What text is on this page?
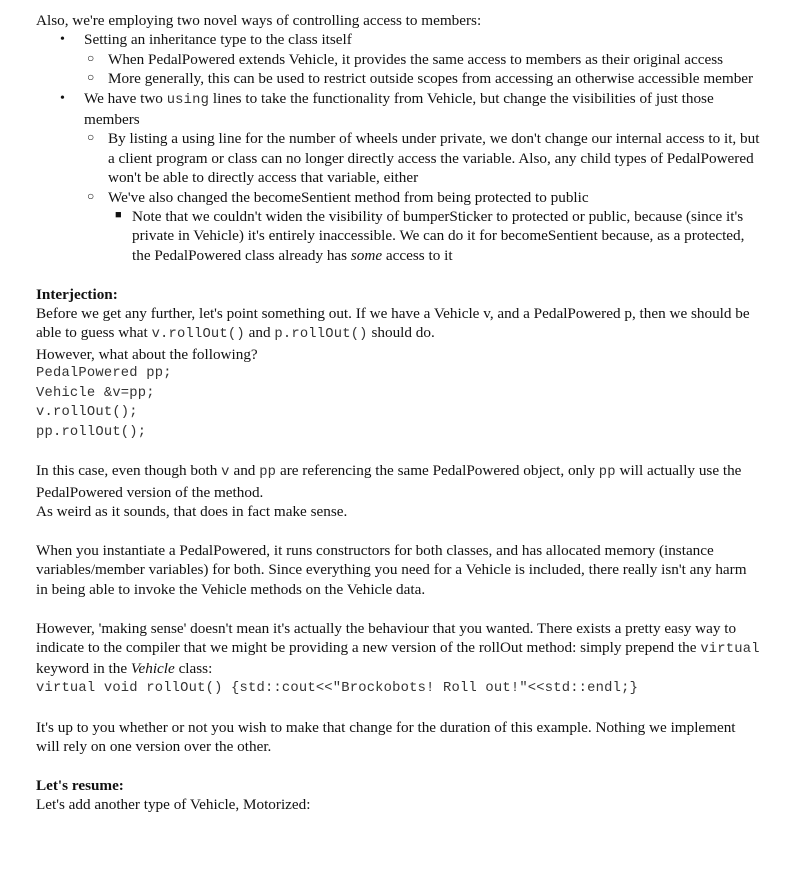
Also, we're employing two novel ways of controlling access to members:

• Setting an inheritance type to the class itself
○ When PedalPowered extends Vehicle, it provides the same access to members as their original access
○ More generally, this can be used to restrict outside scopes from accessing an otherwise accessible member
• We have two using lines to take the functionality from Vehicle, but change the visibilities of just those members
○ By listing a using line for the number of wheels under private, we don't change our internal access to it, but a client program or class can no longer directly access the variable. Also, any child types of PedalPowered won't be able to directly access that variable, either
○ We've also changed the becomeSentient method from being protected to public
■ Note that we couldn't widen the visibility of bumperSticker to protected or public, because (since it's private in Vehicle) it's entirely inaccessible. We can do it for becomeSentient because, as a protected, the PedalPowered class already has some access to it

Interjection:

Before we get any further, let's point something out. If we have a Vehicle v, and a PedalPowered p, then we should be able to guess what v.rollOut() and p.rollOut() should do.

However, what about the following?

PedalPowered pp;
Vehicle &v=pp;
v.rollOut();
pp.rollOut();

In this case, even though both v and pp are referencing the same PedalPowered object, only pp will actually use the PedalPowered version of the method.

As weird as it sounds, that does in fact make sense.

When you instantiate a PedalPowered, it runs constructors for both classes, and has allocated memory (instance variables/member variables) for both. Since everything you need for a Vehicle is included, there really isn't any harm in being able to invoke the Vehicle methods on the Vehicle data.

However, 'making sense' doesn't mean it's actually the behaviour that you wanted. There exists a pretty easy way to indicate to the compiler that we might be providing a new version of the rollOut method: simply prepend the virtual keyword in the Vehicle class:

virtual void rollOut() {std::cout<<"Brockobots! Roll out!"<<std::endl;}

It's up to you whether or not you wish to make that change for the duration of this example. Nothing we implement will rely on one version over the other.

Let's resume:

Let's add another type of Vehicle, Motorized:
